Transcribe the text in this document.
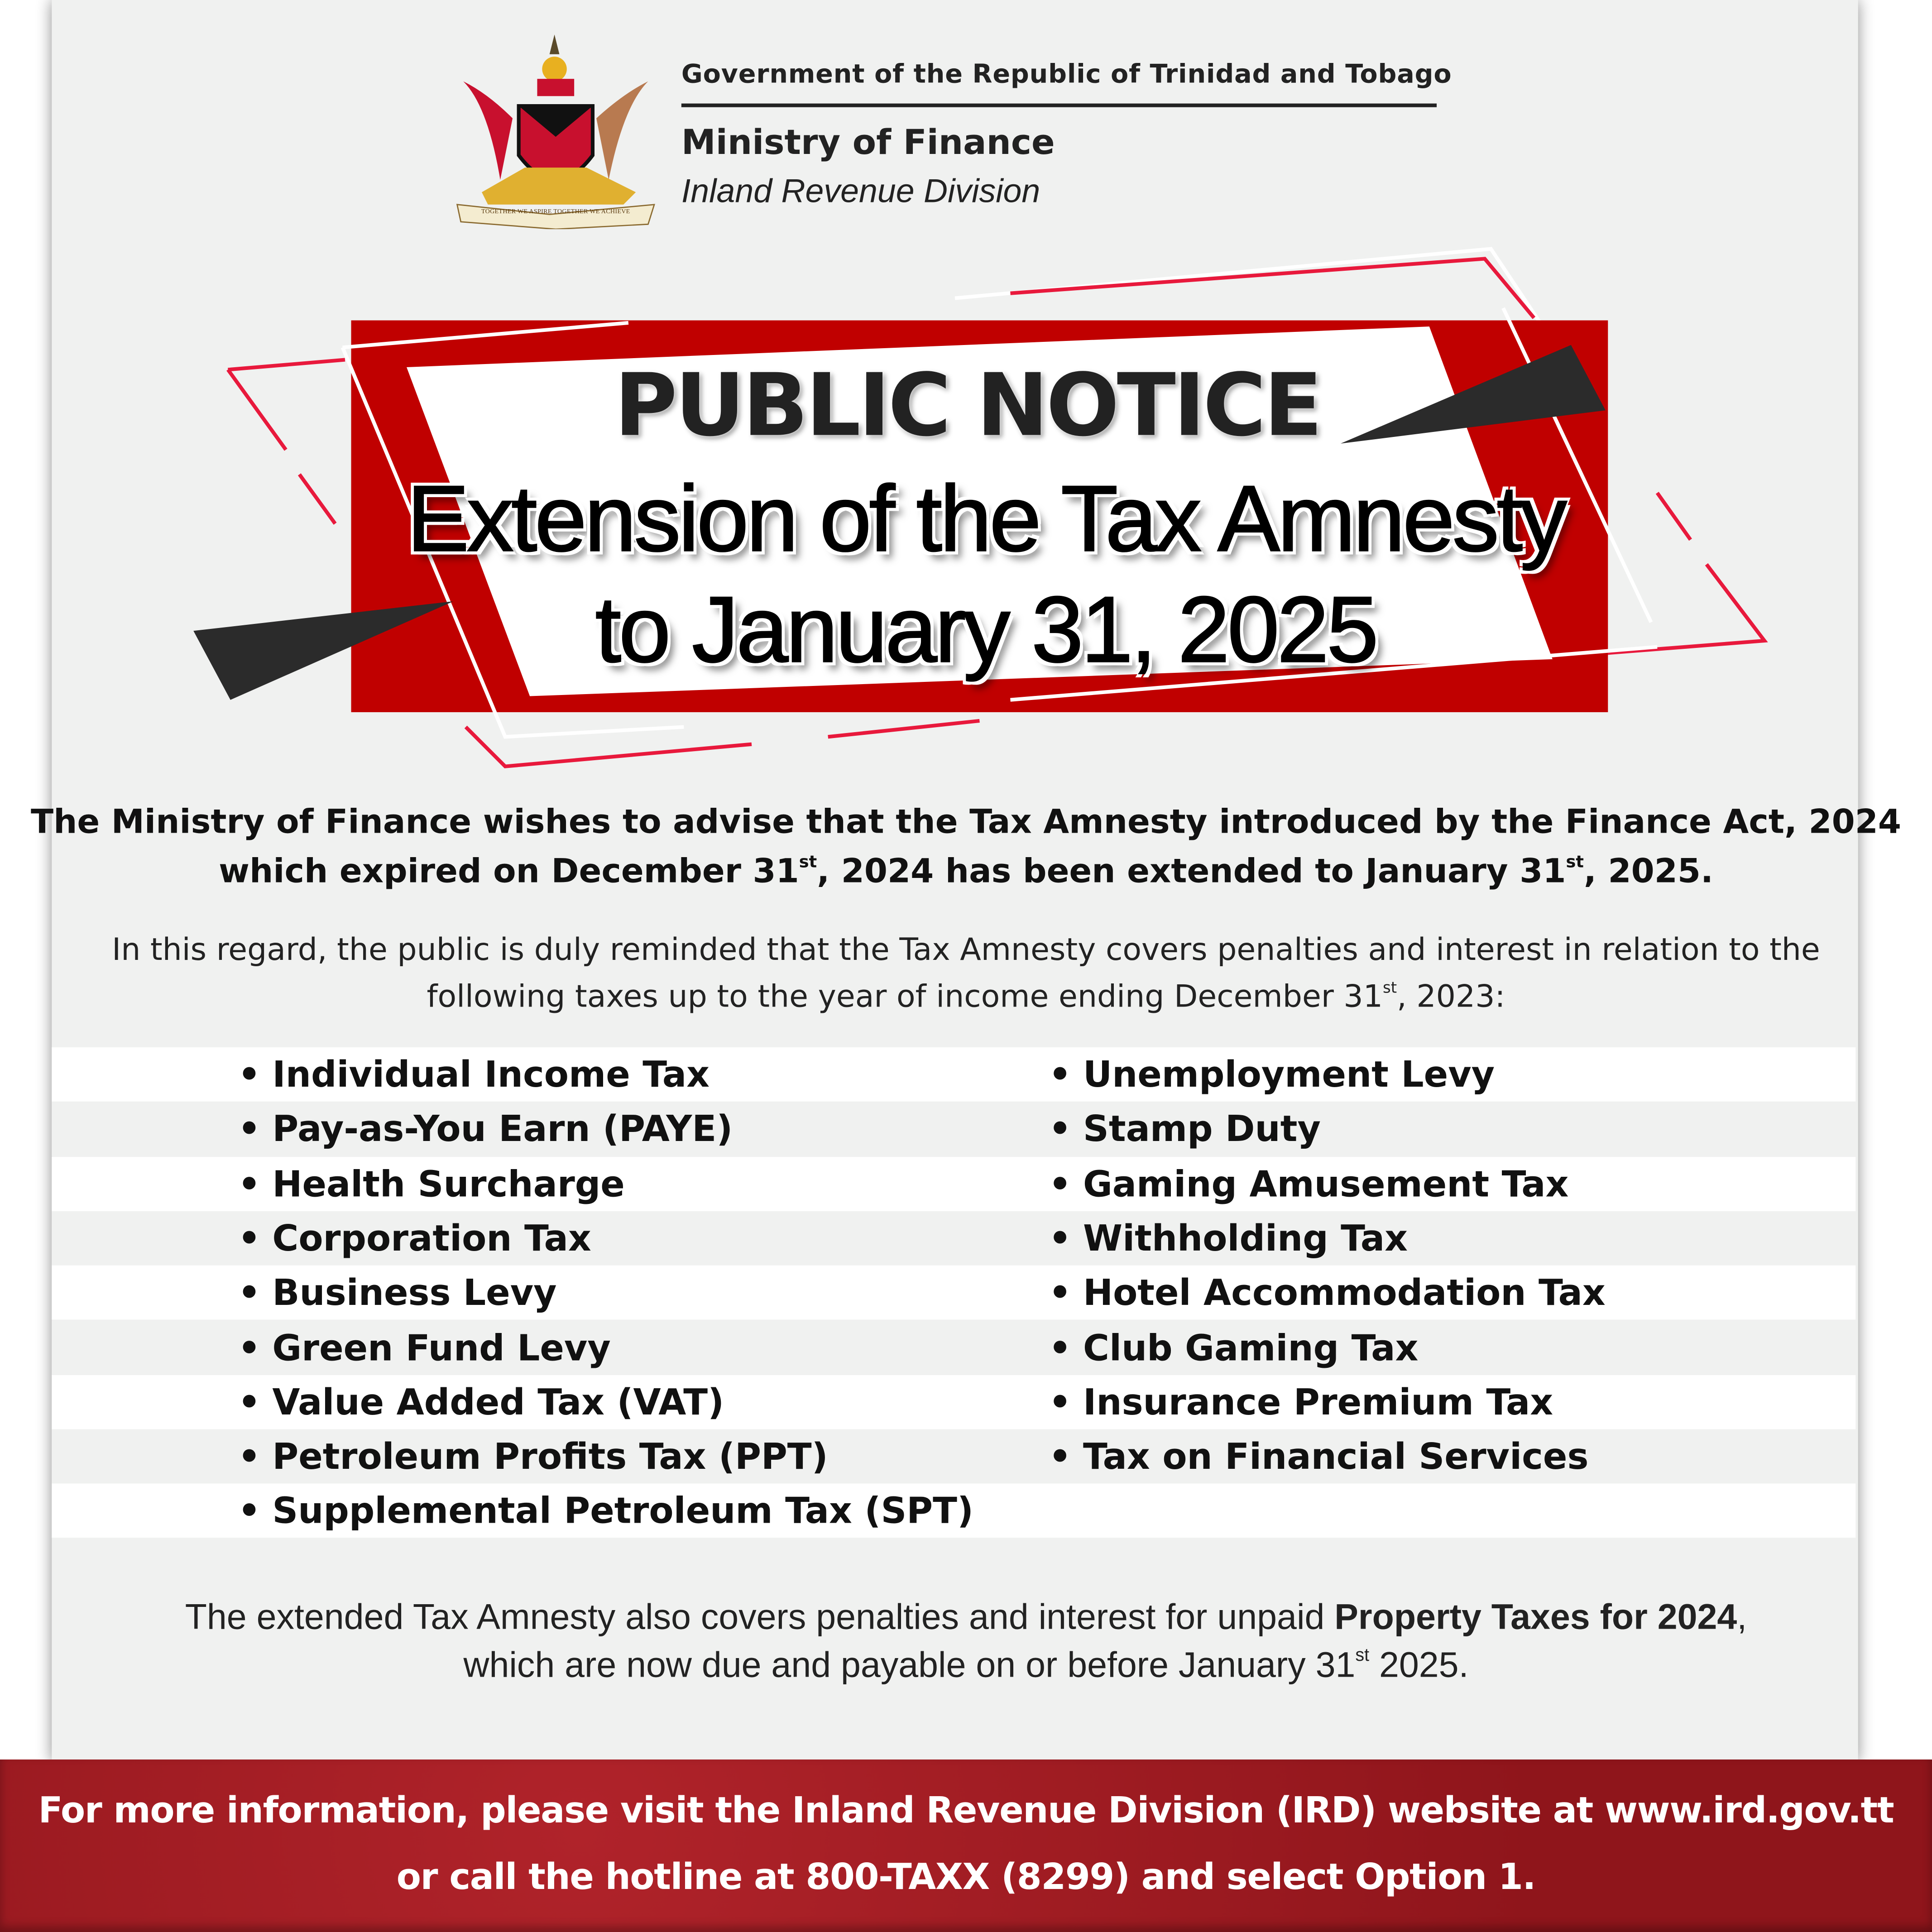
TOGETHER WE ASPIRE TOGETHER WE ACHIEVE
Government of the Republic of Trinidad and Tobago
Ministry of Finance
Inland Revenue Division
PUBLIC NOTICE
Extension of the Tax Amnesty
to January 31, 2025
The Ministry of Finance wishes to advise that the Tax Amnesty introduced by the Finance Act, 2024
which expired on December 31st, 2024 has been extended to January 31st, 2025.
In this regard, the public is duly reminded that the Tax Amnesty covers penalties and interest in relation to the
following taxes up to the year of income ending December 31st, 2023:
The extended Tax Amnesty also covers penalties and interest for unpaid Property Taxes for 2024,
which are now due and payable on or before January 31st 2025.
For more information, please visit the Inland Revenue Division (IRD) website at www.ird.gov.tt
or call the hotline at 800-TAXX (8299) and select Option 1.
• Individual Income Tax	• Unemployment Levy
• Pay-as-You Earn (PAYE)	• Stamp Duty
• Health Surcharge	• Gaming Amusement Tax
• Corporation Tax	• Withholding Tax
• Business Levy	• Hotel Accommodation Tax
• Green Fund Levy	• Club Gaming Tax
• Value Added Tax (VAT)	• Insurance Premium Tax
• Petroleum Profits Tax (PPT)	• Tax on Financial Services
• Supplemental Petroleum Tax (SPT)
